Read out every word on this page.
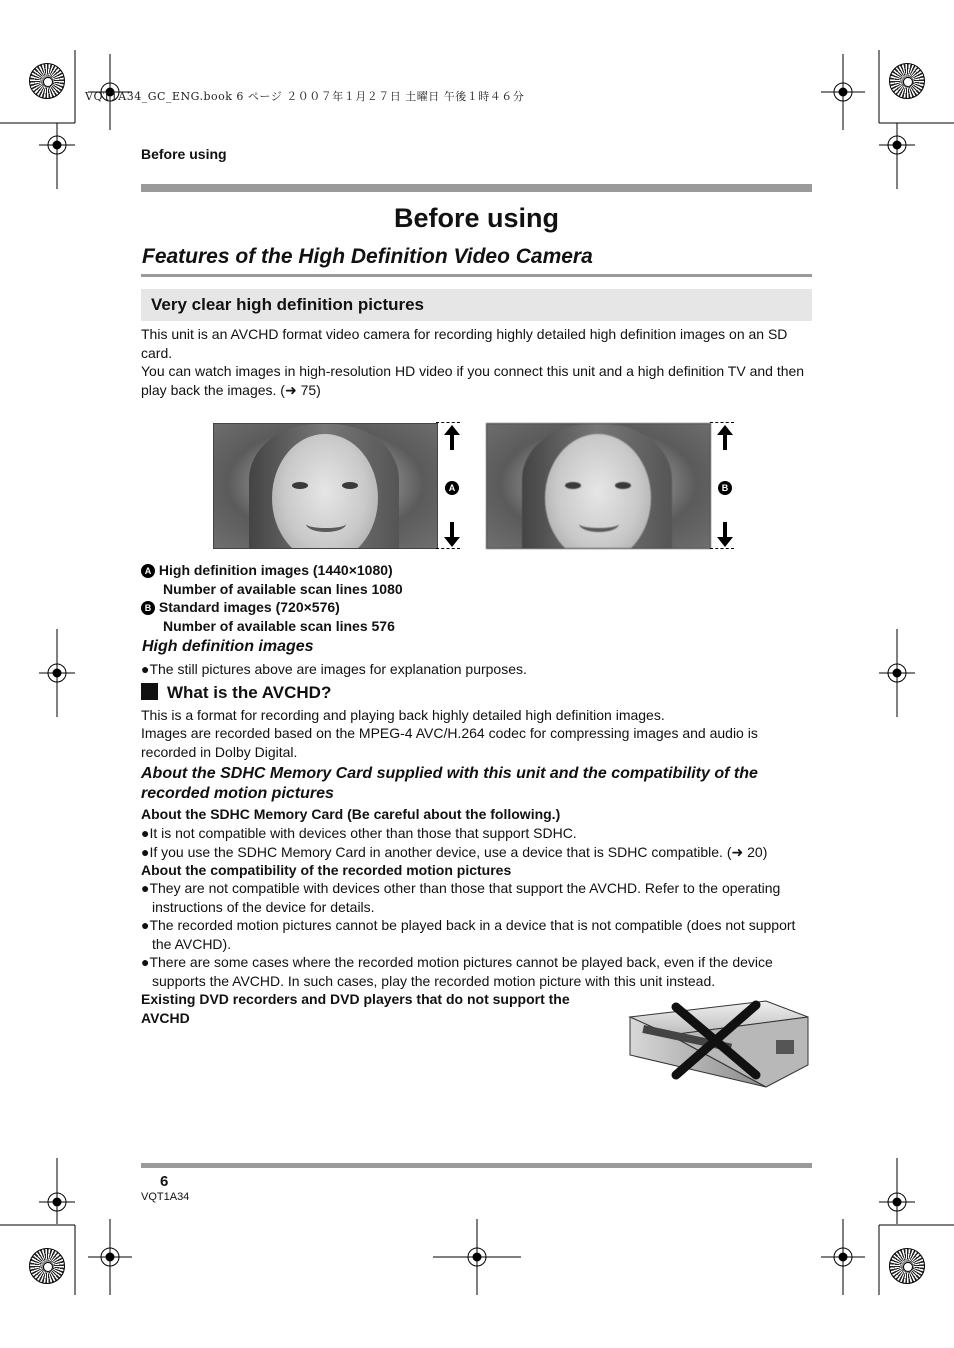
VQT1A34_GC_ENG.book 6 ページ ２００７年１月２７日 土曜日 午後１時４６分
Before using
Before using
Features of the High Definition Video Camera
Very clear high definition pictures
This unit is an AVCHD format video camera for recording highly detailed high definition images on an SD card.
You can watch images in high-resolution HD video if you connect this unit and a high definition TV and then play back the images. (➜ 75)
A	B
A High definition images (1440×1080)
Number of available scan lines 1080
B Standard images (720×576)
Number of available scan lines 576
High definition images
●The still pictures above are images for explanation purposes.
What is the AVCHD?
This is a format for recording and playing back highly detailed high definition images.
Images are recorded based on the MPEG-4 AVC/H.264 codec for compressing images and audio is recorded in Dolby Digital.
About the SDHC Memory Card supplied with this unit and the compatibility of the recorded motion pictures
About the SDHC Memory Card (Be careful about the following.)
●It is not compatible with devices other than those that support SDHC.
●If you use the SDHC Memory Card in another device, use a device that is SDHC compatible. (➜ 20)
About the compatibility of the recorded motion pictures
●They are not compatible with devices other than those that support the AVCHD. Refer to the operating instructions of the device for details.
●The recorded motion pictures cannot be played back in a device that is not compatible (does not support the AVCHD).
●There are some cases where the recorded motion pictures cannot be played back, even if the device supports the AVCHD. In such cases, play the recorded motion picture with this unit instead.
Existing DVD recorders and DVD players that do not support the
AVCHD
6
VQT1A34
